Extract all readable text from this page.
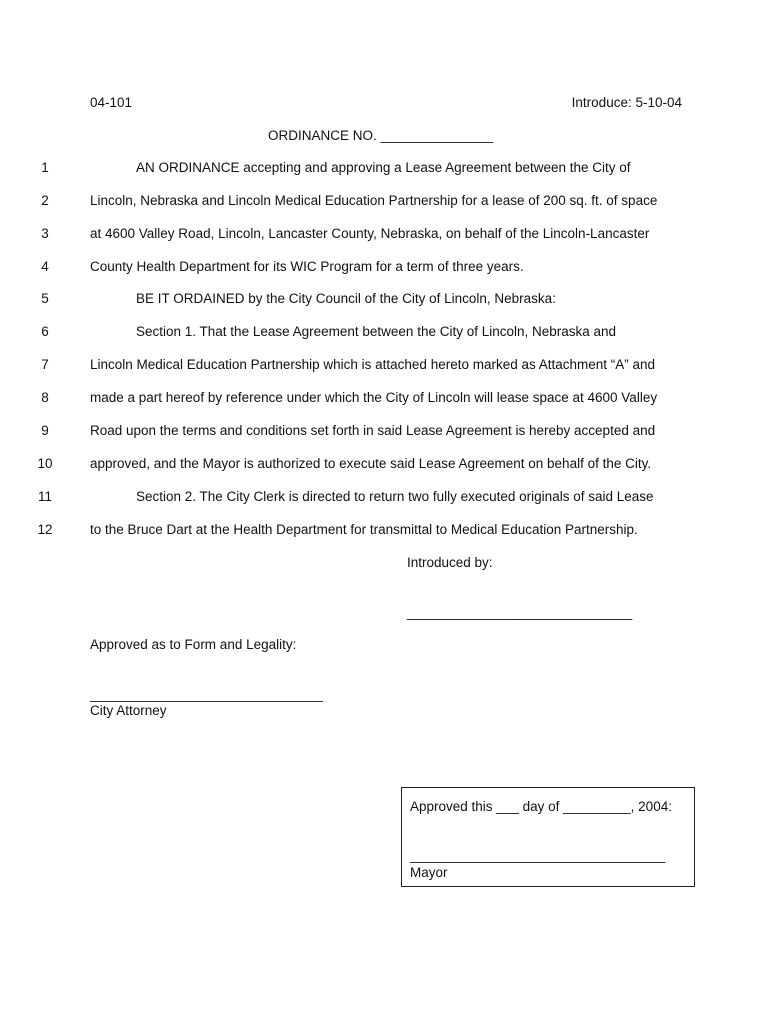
04-101	Introduce: 5-10-04
ORDINANCE NO. _______________
1	AN ORDINANCE accepting and approving a Lease Agreement between the City of
2	Lincoln, Nebraska and Lincoln Medical Education Partnership for a lease of 200 sq. ft. of space
3	at 4600 Valley Road, Lincoln, Lancaster County, Nebraska, on behalf of the Lincoln-Lancaster
4	County Health Department for its WIC Program for a term of three years.
5	BE IT ORDAINED by the City Council of the City of Lincoln, Nebraska:
6	Section 1. That the Lease Agreement between the City of Lincoln, Nebraska and
7	Lincoln Medical Education Partnership which is attached hereto marked as Attachment “A” and
8	made a part hereof by reference under which the City of Lincoln will lease space at 4600 Valley
9	Road upon the terms and conditions set forth in said Lease Agreement is hereby accepted and
10	approved, and the Mayor is authorized to execute said Lease Agreement on behalf of the City.
11	Section 2. The City Clerk is directed to return two fully executed originals of said Lease
12	to the Bruce Dart at the Health Department for transmittal to Medical Education Partnership.
Introduced by:
______________________________
Approved as to Form and Legality:
_______________________________
City Attorney
Approved this ___ day of _________, 2004:
__________________________________
Mayor
